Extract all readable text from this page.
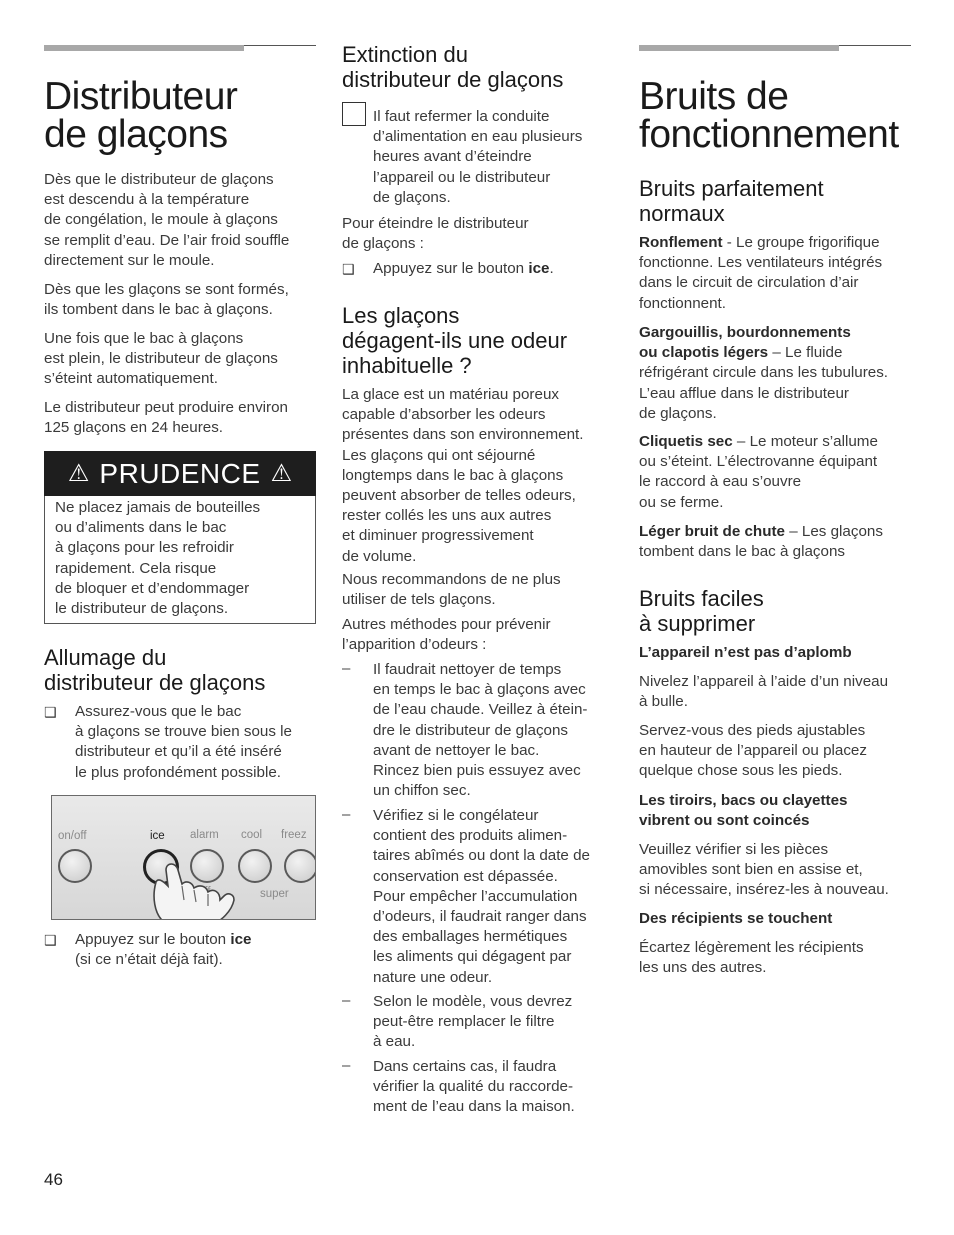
Distributeur
de glaçons

Dès que le distributeur de glaçons
est descendu à la température
de congélation, le moule à glaçons
se remplit d’eau. De l’air froid souffle
directement sur le moule.

Dès que les glaçons se sont formés,
ils tombent dans le bac à glaçons.

Une fois que le bac à glaçons
est plein, le distributeur de glaçons
s’éteint automatiquement.

Le distributeur peut produire environ
125 glaçons en 24 heures.

⚠ PRUDENCE ⚠

Ne placez jamais de bouteilles
ou d’aliments dans le bac
à glaçons pour les refroidir
rapidement. Cela risque
de bloquer et d’endommager
le distributeur de glaçons.

Allumage du
distributeur de glaçons
❑ Assurez-vous que le bac
à glaçons se trouve bien sous le
distributeur et qu’il a été inséré
le plus profondément possible.

on/off	ice alarm cool freez
super
❑ Appuyez sur le bouton ice
(si ce n’était déjà fait).

Extinction du
distributeur de glaçons

Il faut refermer la conduite
d’alimentation en eau plusieurs
heures avant d’éteindre
l’appareil ou le distributeur
de glaçons.

Pour éteindre le distributeur
de glaçons :

❑ Appuyez sur le bouton ice.

Les glaçons
dégagent-ils une odeur
inhabituelle ?

La glace est un matériau poreux
capable d’absorber les odeurs
présentes dans son environnement.
Les glaçons qui ont séjourné
longtemps dans le bac à glaçons
peuvent absorber de telles odeurs,
rester collés les uns aux autres
et diminuer progressivement
de volume.

Nous recommandons de ne plus
utiliser de tels glaçons.

Autres méthodes pour prévenir
l’apparition d’odeurs :

– Il faudrait nettoyer de temps
en temps le bac à glaçons avec
de l’eau chaude. Veillez à étein-
dre le distributeur de glaçons
avant de nettoyer le bac.
Rincez bien puis essuyez avec
un chiffon sec.

– Vérifiez si le congélateur
contient des produits alimen-
taires abîmés ou dont la date de
conservation est dépassée.
Pour empêcher l’accumulation
d’odeurs, il faudrait ranger dans
des emballages hermétiques
les aliments qui dégagent par
nature une odeur.

– Selon le modèle, vous devrez
peut-être remplacer le filtre
à eau.

– Dans certains cas, il faudra
vérifier la qualité du raccorde-
ment de l’eau dans la maison.

Bruits de
fonctionnement
Bruits parfaitement
normaux

Ronflement - Le groupe frigorifique
fonctionne. Les ventilateurs intégrés
dans le circuit de circulation d’air
fonctionnent.

Gargouillis, bourdonnements
ou clapotis légers – Le fluide
réfrigérant circule dans les tubulures.
L’eau afflue dans le distributeur
de glaçons.

Cliquetis sec – Le moteur s’allume
ou s’éteint. L’électrovanne équipant
le raccord à eau s’ouvre
ou se ferme.

Léger bruit de chute – Les glaçons
tombent dans le bac à glaçons

Bruits faciles
à supprimer

L’appareil n’est pas d’aplomb

Nivelez l’appareil à l’aide d’un niveau
à bulle.

Servez-vous des pieds ajustables
en hauteur de l’appareil ou placez
quelque chose sous les pieds.

Les tiroirs, bacs ou clayettes
vibrent ou sont coincés

Veuillez vérifier si les pièces
amovibles sont bien en assise et,
si nécessaire, insérez-les à nouveau.

Des récipients se touchent

Écartez légèrement les récipients
les uns des autres.

46
